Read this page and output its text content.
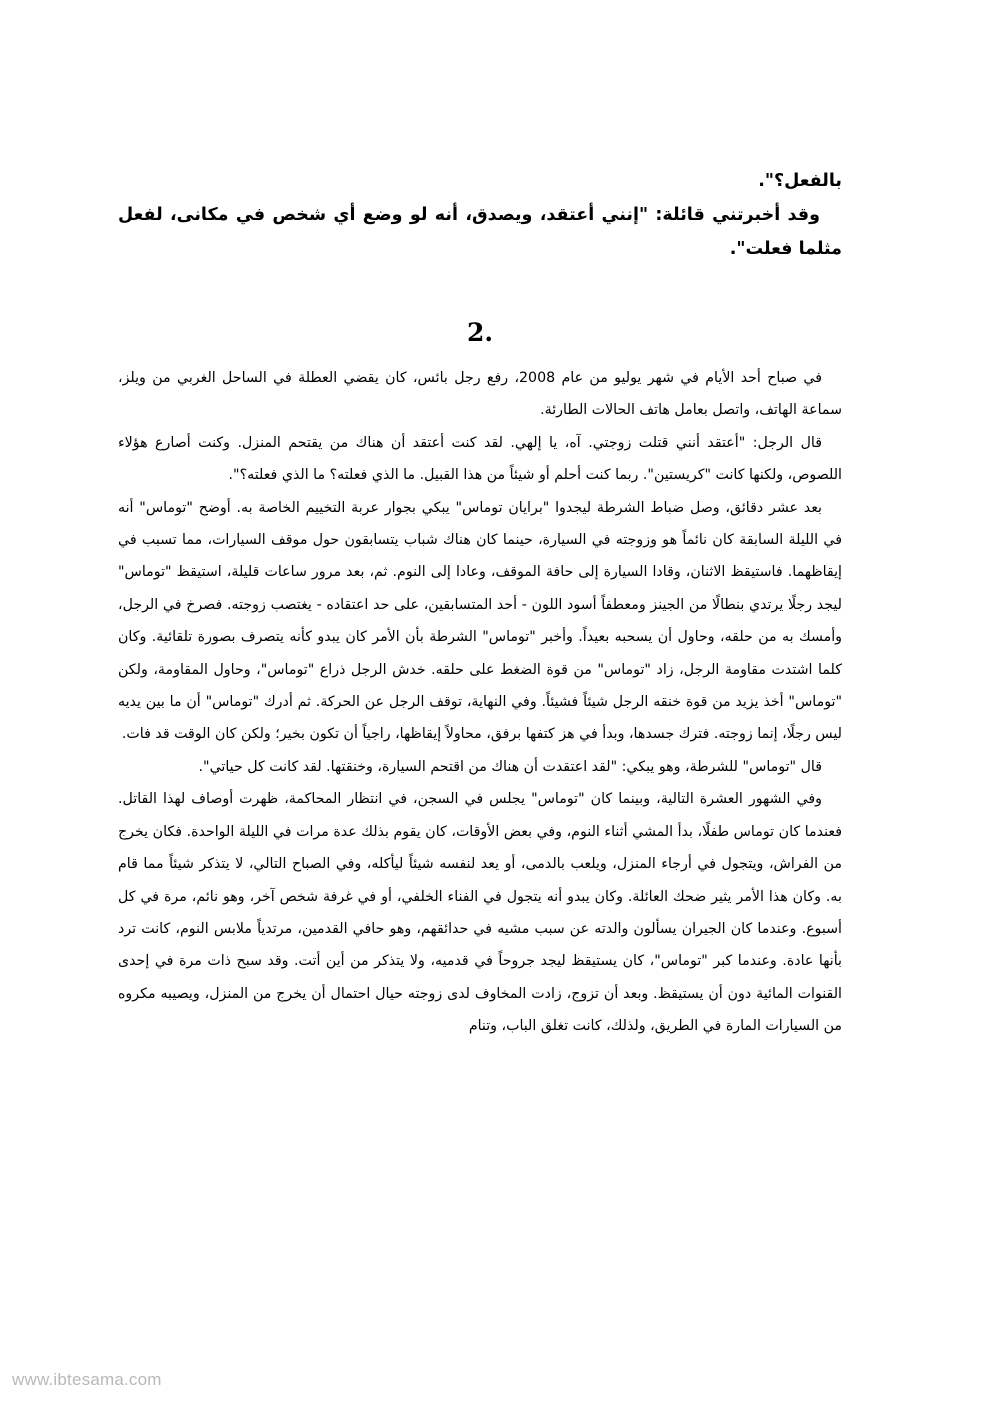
بالفعل؟".

وقد أخبرتني قائلة: "إنني أعتقد، ويصدق، أنه لو وضع أي شخص في مكانى، لفعل مثلما فعلت".

2.

في صباح أحد الأيام في شهر يوليو من عام 2008، رفع رجل بائس، كان يقضي العطلة في الساحل الغربي من ويلز، سماعة الهاتف، واتصل بعامل هاتف الحالات الطارئة.

قال الرجل: "أعتقد أنني قتلت زوجتي. آه، يا إلهي. لقد كنت أعتقد أن هناك من يقتحم المنزل. وكنت أصارع هؤلاء اللصوص، ولكنها كانت "كريستين". ربما كنت أحلم أو شيئاً من هذا القبيل. ما الذي فعلته؟ ما الذي فعلته؟".

بعد عشر دقائق، وصل ضباط الشرطة ليجدوا "برايان توماس" يبكي بجوار عربة التخييم الخاصة به. أوضح "توماس" أنه في الليلة السابقة كان نائماً هو وزوجته في السيارة، حينما كان هناك شباب يتسابقون حول موقف السيارات، مما تسبب في إيقاظهما. فاستيقظ الاثنان، وقادا السيارة إلى حافة الموقف، وعادا إلى النوم. ثم، بعد مرور ساعات قليلة، استيقظ "توماس" ليجد رجلًا يرتدي بنطالًا من الجينز ومعطفاً أسود اللون - أحد المتسابقين، على حد اعتقاده - يغتصب زوجته. فصرخ في الرجل، وأمسك به من حلقه، وحاول أن يسحبه بعيداً. وأخبر "توماس" الشرطة بأن الأمر كان يبدو كأنه يتصرف بصورة تلقائية. وكان كلما اشتدت مقاومة الرجل، زاد "توماس" من قوة الضغط على حلقه. خدش الرجل ذراع "توماس"، وحاول المقاومة، ولكن "توماس" أخذ يزيد من قوة خنقه الرجل شيئاً فشيئاً. وفي النهاية، توقف الرجل عن الحركة. ثم أدرك "توماس" أن ما بين يديه ليس رجلًا، إنما زوجته. فترك جسدها، وبدأ في هز كتفها برفق، محاولاً إيقاظها، راجياً أن تكون بخير؛ ولكن كان الوقت قد فات.

قال "توماس" للشرطة، وهو يبكي: "لقد اعتقدت أن هناك من اقتحم السيارة، وخنقتها. لقد كانت كل حياتي".

وفي الشهور العشرة التالية، وبينما كان "توماس" يجلس في السجن، في انتظار المحاكمة، ظهرت أوصاف لهذا القاتل. فعندما كان توماس طفلًا، بدأ المشي أثناء النوم، وفي بعض الأوقات، كان يقوم بذلك عدة مرات في الليلة الواحدة. فكان يخرج من الفراش، ويتجول في أرجاء المنزل، ويلعب بالدمى، أو يعد لنفسه شيئاً ليأكله، وفي الصباح التالي، لا يتذكر شيئاً مما قام به. وكان هذا الأمر يثير ضحك العائلة. وكان يبدو أنه يتجول في الفناء الخلفي، أو في غرفة شخص آخر، وهو نائم، مرة في كل أسبوع. وعندما كان الجيران يسألون والدته عن سبب مشيه في حدائقهم، وهو حافي القدمين، مرتدياً ملابس النوم، كانت ترد بأنها عادة. وعندما كبر "توماس"، كان يستيقظ ليجد جروحاً في قدميه، ولا يتذكر من أين أتت. وقد سبح ذات مرة في إحدى القنوات المائية دون أن يستيقظ. وبعد أن تزوج، زادت المخاوف لدى زوجته حيال احتمال أن يخرج من المنزل، ويصيبه مكروه من السيارات المارة في الطريق، ولذلك، كانت تغلق الباب، وتنام

www.ibtesama.com
